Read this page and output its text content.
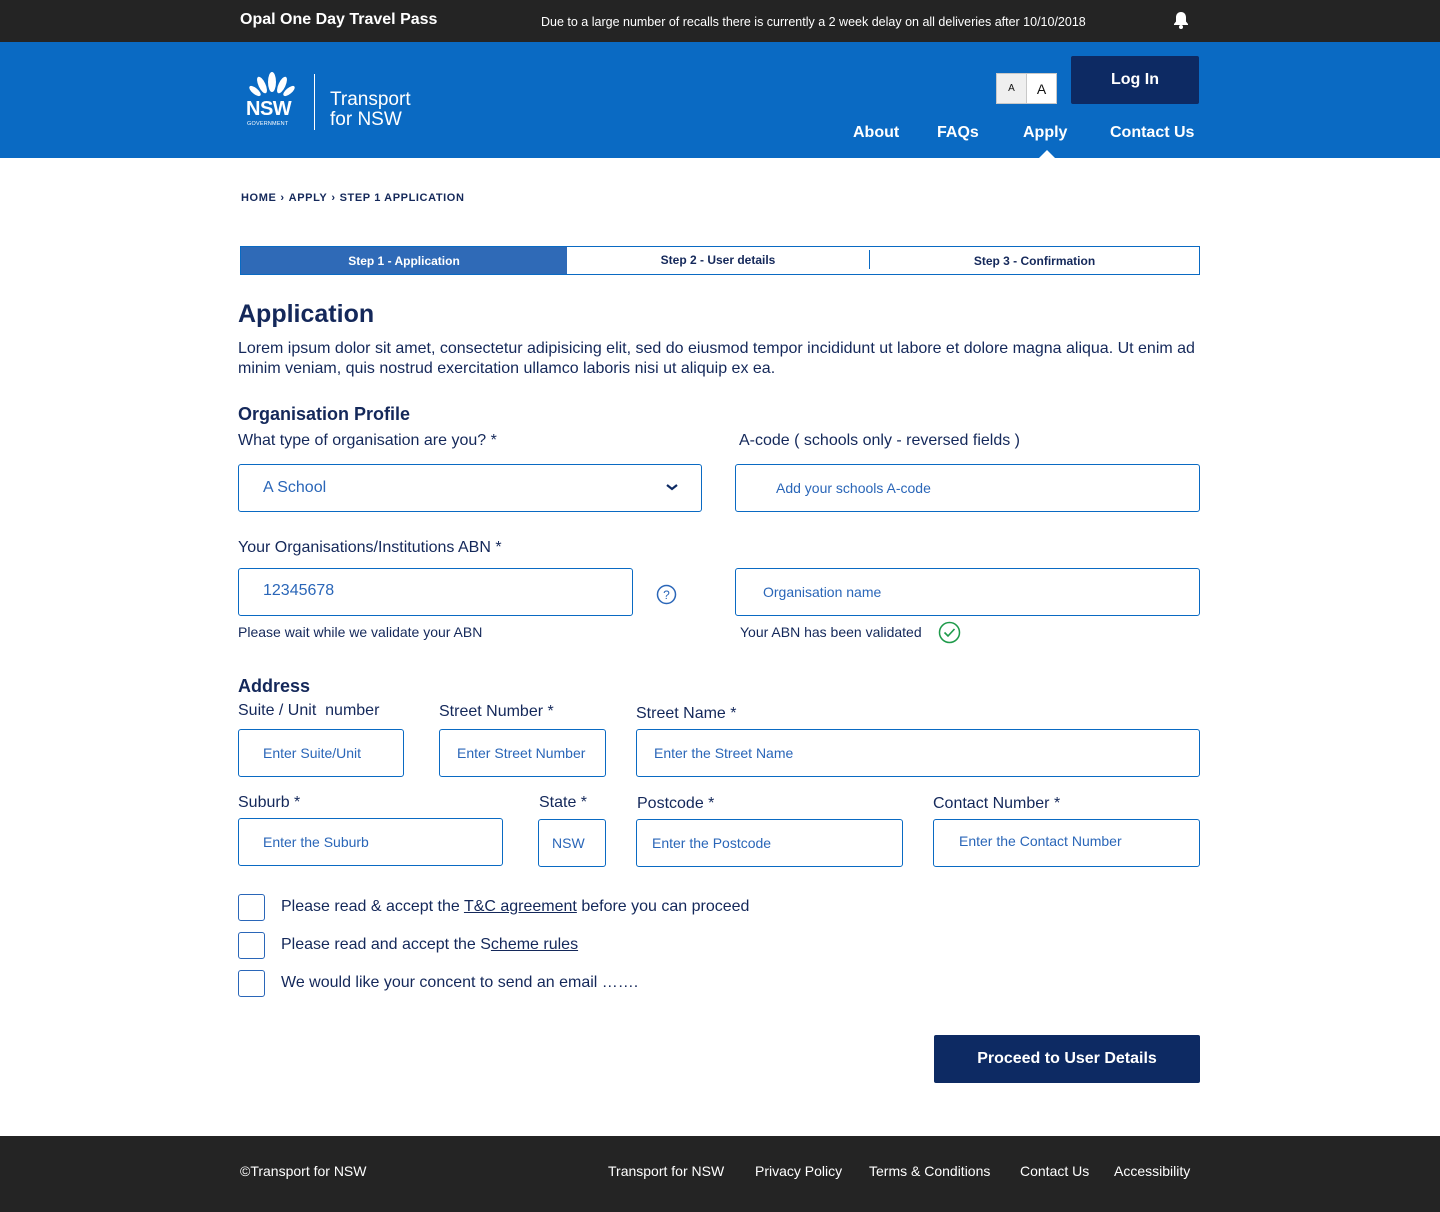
Opal One Day Travel Pass	Due to a large number of recalls there is currently a 2 week delay on all deliveries after 10/10/2018
NSW
GOVERNMENT
Transport
for NSW
A	A
Log In
About FAQs	Apply	Contact Us
HOME › APPLY › STEP 1 APPLICATION
Step 1 - Application	Step 2 - User details	Step 3 - Confirmation
Application
Lorem ipsum dolor sit amet, consectetur adipisicing elit, sed do eiusmod tempor incididunt ut labore et dolore magna aliqua. Ut enim ad minim veniam, quis nostrud exercitation ullamco laboris nisi ut aliquip ex ea.
Organisation Profile
What type of organisation are you? *	A-code ( schools only - reversed fields )
A School	Add your schools A-code
Your Organisations/Institutions ABN *
12345678	?	Organisation name
Please wait while we validate your ABN	Your ABN has been validated
Address
Suite / Unit  number	Street Number *	Street Name *
Enter Suite/Unit	Enter Street Number	Enter the Street Name
Suburb *	State *	Postcode *	Contact Number *
Enter the Suburb	NSW	Enter the Postcode	Enter the Contact Number
Please read & accept the T&C agreement before you can proceed
Please read and accept the Scheme rules
We would like your concent to send an email …….
Proceed to User Details
©Transport for NSW	Transport for NSW Privacy Policy Terms & Conditions Contact Us Accessibility
